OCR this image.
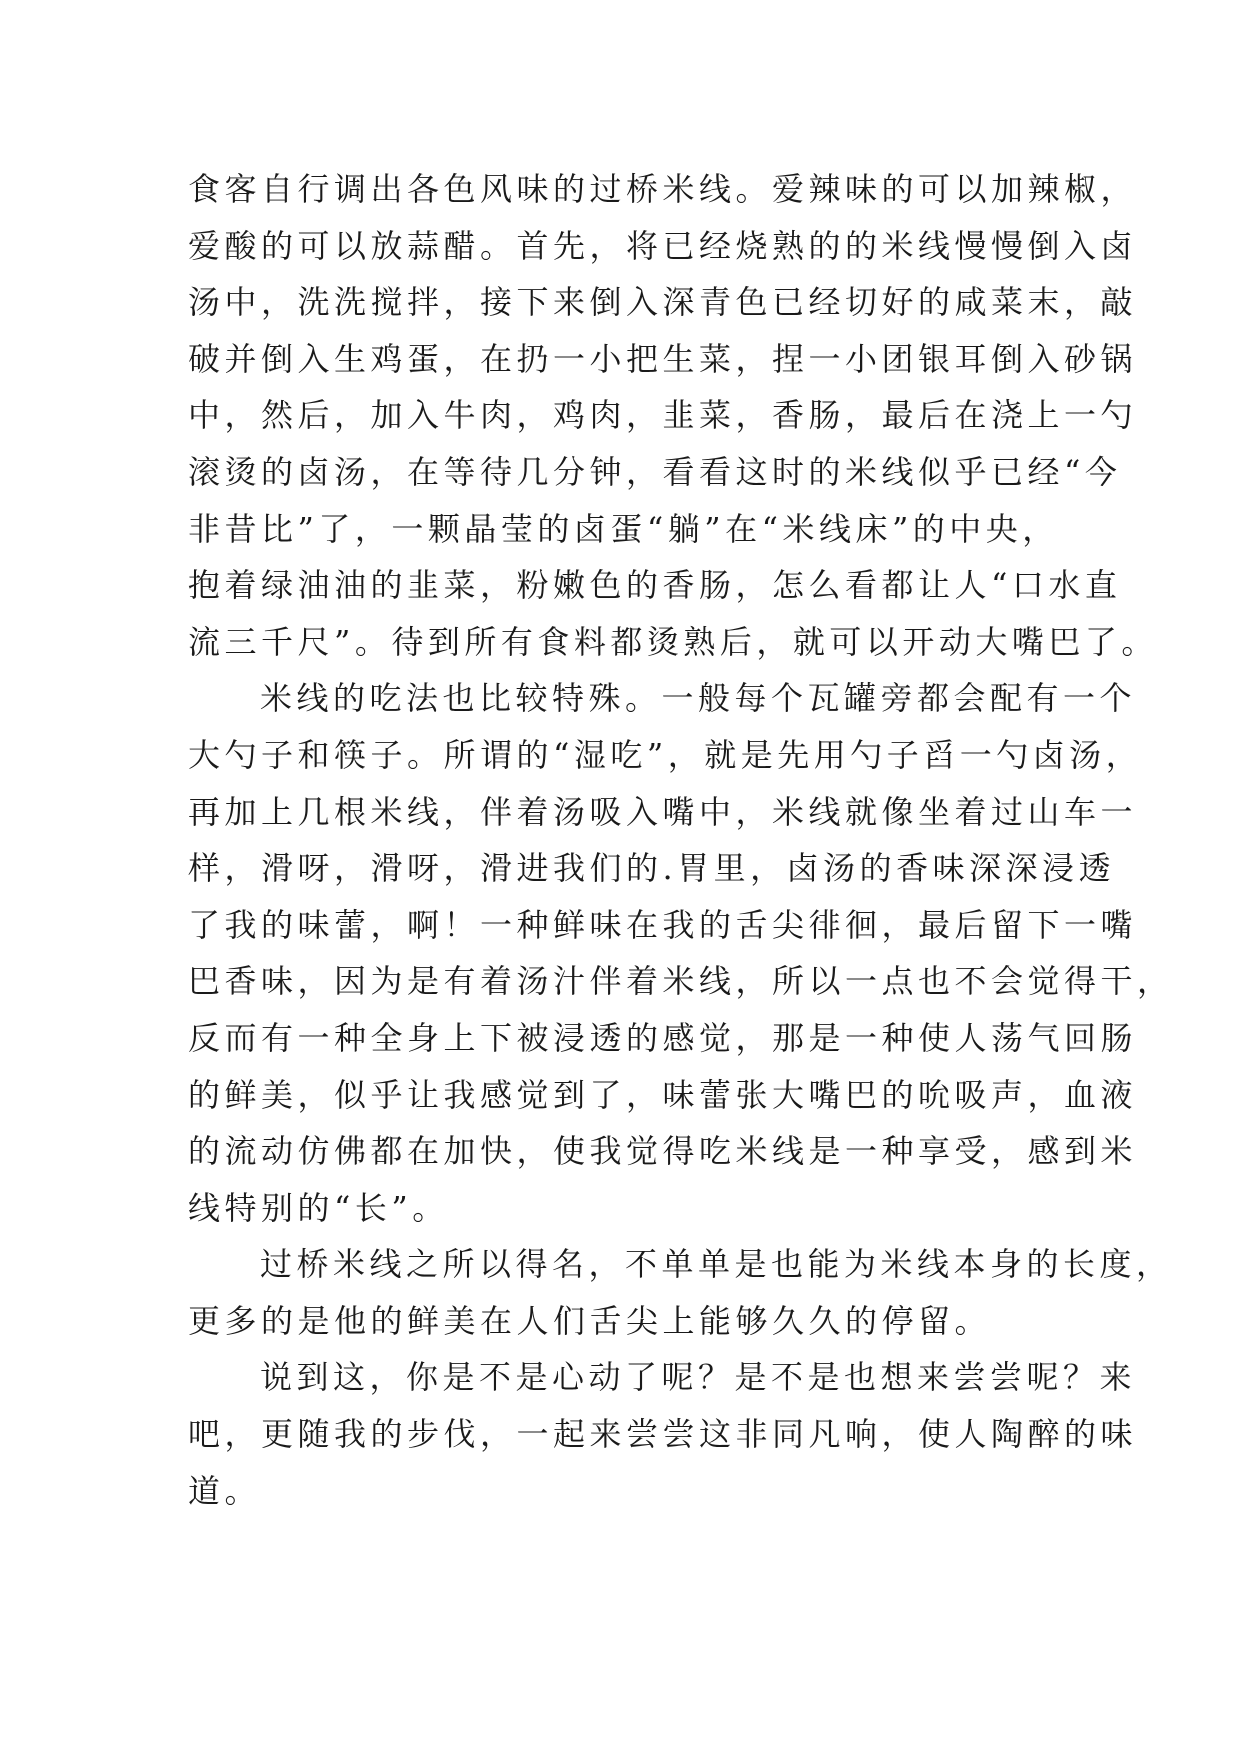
食客自行调出各色风味的过桥米线。爱辣味的可以加辣椒，
爱酸的可以放蒜醋。首先，将已经烧熟的的米线慢慢倒入卤
汤中，洗洗搅拌，接下来倒入深青色已经切好的咸菜末，敲
破并倒入生鸡蛋，在扔一小把生菜，捏一小团银耳倒入砂锅
中，然后，加入牛肉，鸡肉，韭菜，香肠，最后在浇上一勺
滚烫的卤汤，在等待几分钟，看看这时的米线似乎已经“今
非昔比”了，一颗晶莹的卤蛋“躺”在“米线床”的中央，
抱着绿油油的韭菜，粉嫩色的香肠，怎么看都让人“口水直
流三千尺”。待到所有食料都烫熟后，就可以开动大嘴巴了。
米线的吃法也比较特殊。一般每个瓦罐旁都会配有一个
大勺子和筷子。所谓的“湿吃”，就是先用勺子舀一勺卤汤，
再加上几根米线，伴着汤吸入嘴中，米线就像坐着过山车一
样，滑呀，滑呀，滑进我们的.胃里，卤汤的香味深深浸透
了我的味蕾，啊！一种鲜味在我的舌尖徘徊，最后留下一嘴
巴香味，因为是有着汤汁伴着米线，所以一点也不会觉得干，
反而有一种全身上下被浸透的感觉，那是一种使人荡气回肠
的鲜美，似乎让我感觉到了，味蕾张大嘴巴的吮吸声，血液
的流动仿佛都在加快，使我觉得吃米线是一种享受，感到米
线特别的“长”。
过桥米线之所以得名，不单单是也能为米线本身的长度，
更多的是他的鲜美在人们舌尖上能够久久的停留。
说到这，你是不是心动了呢？是不是也想来尝尝呢？来
吧，更随我的步伐，一起来尝尝这非同凡响，使人陶醉的味
道。
